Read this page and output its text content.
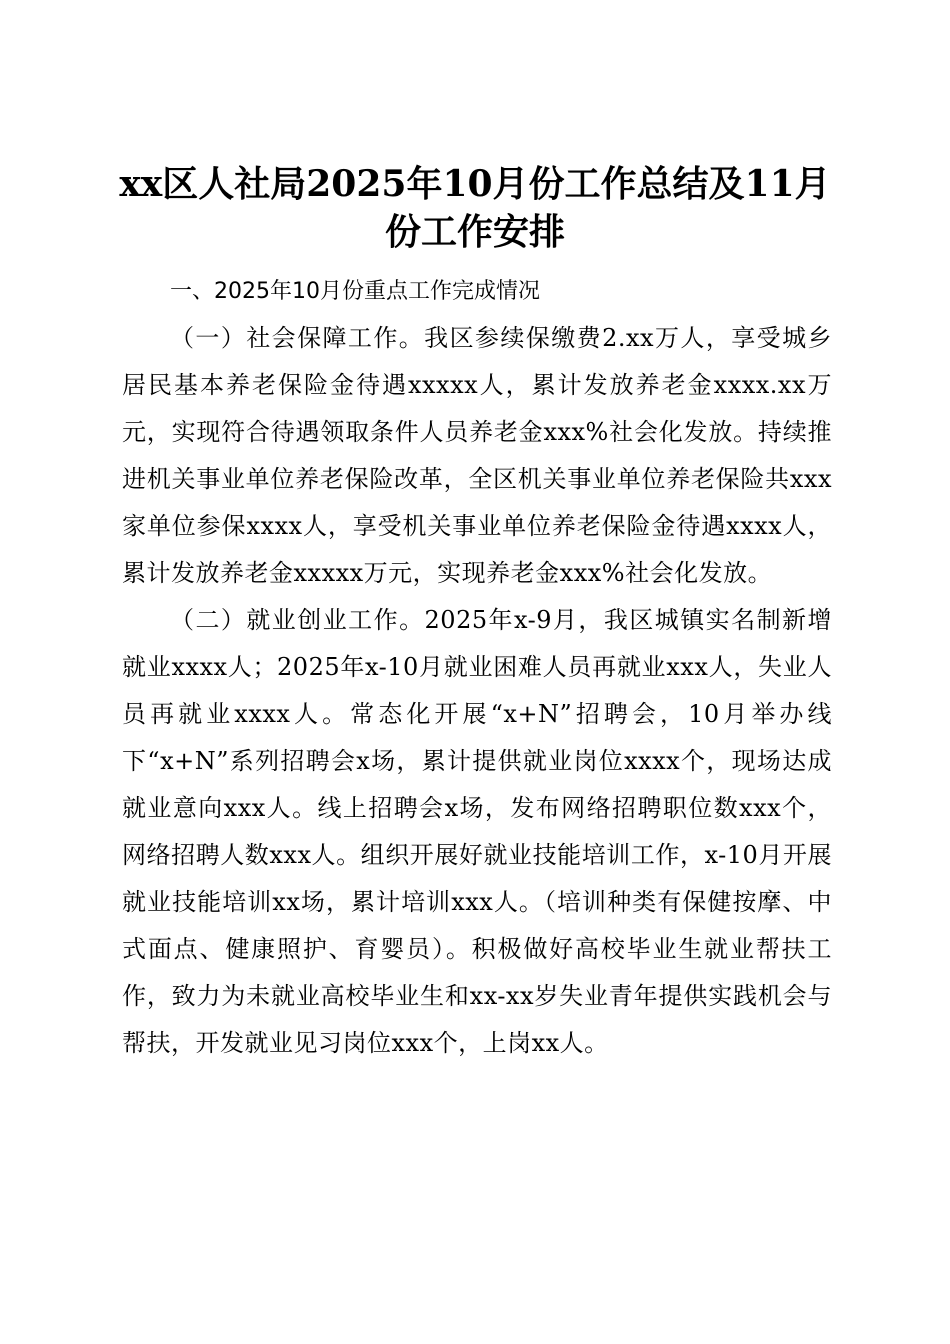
xx区人社局2025年10月份工作总结及11月
份工作安排

一、2025年10月份重点工作完成情况

（一）社会保障工作。我区参续保缴费2.xx万人，享受城乡居民基本养老保险金待遇xxxxx人，累计发放养老金xxxx.xx万元，实现符合待遇领取条件人员养老金xxx%社会化发放。持续推进机关事业单位养老保险改革，全区机关事业单位养老保险共xxx家单位参保xxxx人，享受机关事业单位养老保险金待遇xxxx人，累计发放养老金xxxxx万元，实现养老金xxx%社会化发放。

（二）就业创业工作。2025年x-9月，我区城镇实名制新增就业xxxx人；2025年x-10月就业困难人员再就业xxx人，失业人员再就业xxxx人。常态化开展“x+N”招聘会，10月举办线下“x+N”系列招聘会x场，累计提供就业岗位xxxx个，现场达成就业意向xxx人。线上招聘会x场，发布网络招聘职位数xxx个，网络招聘人数xxx人。组织开展好就业技能培训工作，x-10月开展就业技能培训xx场，累计培训xxx人。（培训种类有保健按摩、中式面点、健康照护、育婴员）。积极做好高校毕业生就业帮扶工作，致力为未就业高校毕业生和xx-xx岁失业青年提供实践机会与帮扶，开发就业见习岗位xxx个，上岗xx人。
